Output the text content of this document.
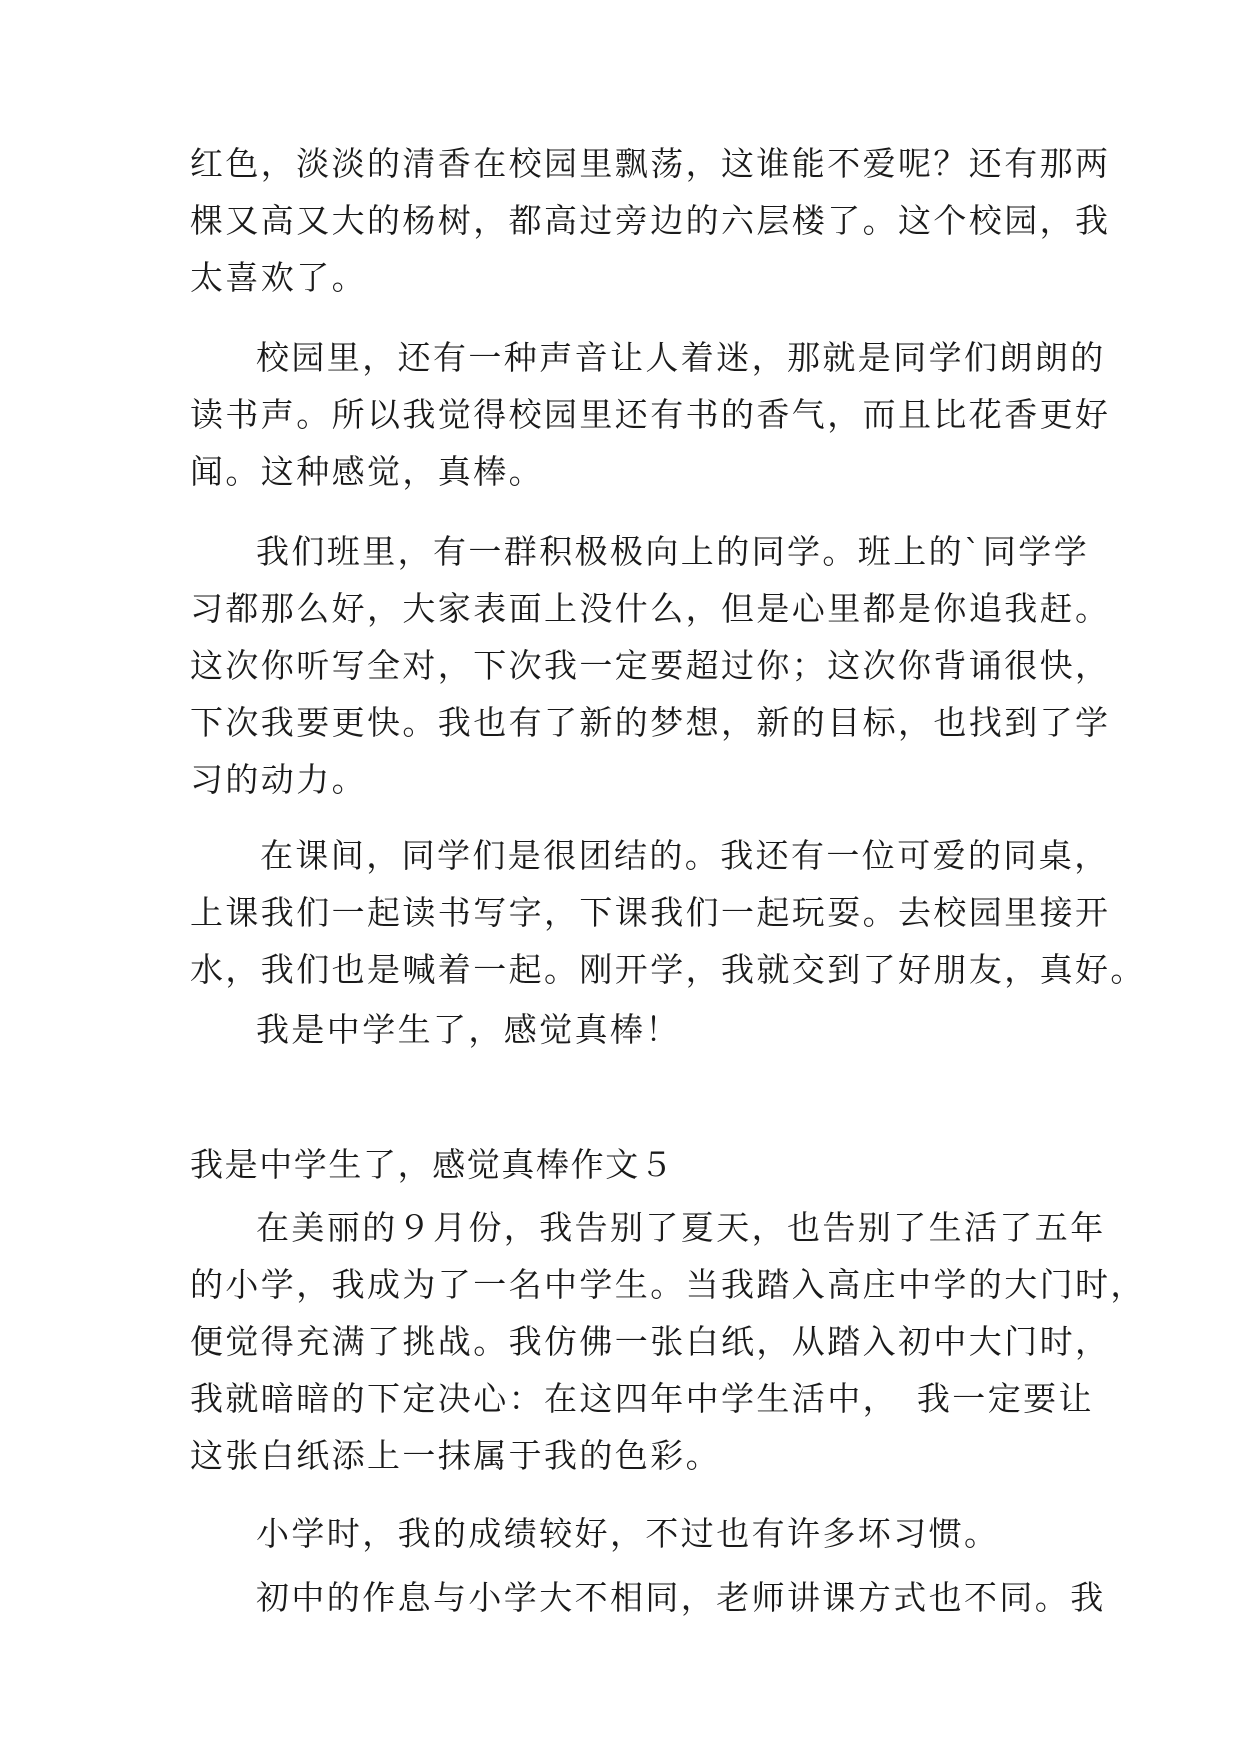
红色，淡淡的清香在校园里飘荡，这谁能不爱呢？还有那两
棵又高又大的杨树，都高过旁边的六层楼了。这个校园，我
太喜欢了。
校园里，还有一种声音让人着迷，那就是同学们朗朗的
读书声。所以我觉得校园里还有书的香气，而且比花香更好
闻。这种感觉，真棒。
我们班里，有一群积极极向上的同学。班上的`同学学
习都那么好，大家表面上没什么，但是心里都是你追我赶。
这次你听写全对，下次我一定要超过你；这次你背诵很快，
下次我要更快。我也有了新的梦想，新的目标，也找到了学
习的动力。
在课间，同学们是很团结的。我还有一位可爱的同桌，
上课我们一起读书写字，下课我们一起玩耍。去校园里接开
水，我们也是喊着一起。刚开学，我就交到了好朋友，真好。
我是中学生了，感觉真棒！
我是中学生了，感觉真棒作文５
在美丽的９月份，我告别了夏天，也告别了生活了五年
的小学，我成为了一名中学生。当我踏入高庄中学的大门时，
便觉得充满了挑战。我仿佛一张白纸，从踏入初中大门时，
我就暗暗的下定决心：在这四年中学生活中，　我一定要让
这张白纸添上一抹属于我的色彩。
小学时，我的成绩较好，不过也有许多坏习惯。
初中的作息与小学大不相同，老师讲课方式也不同。我
